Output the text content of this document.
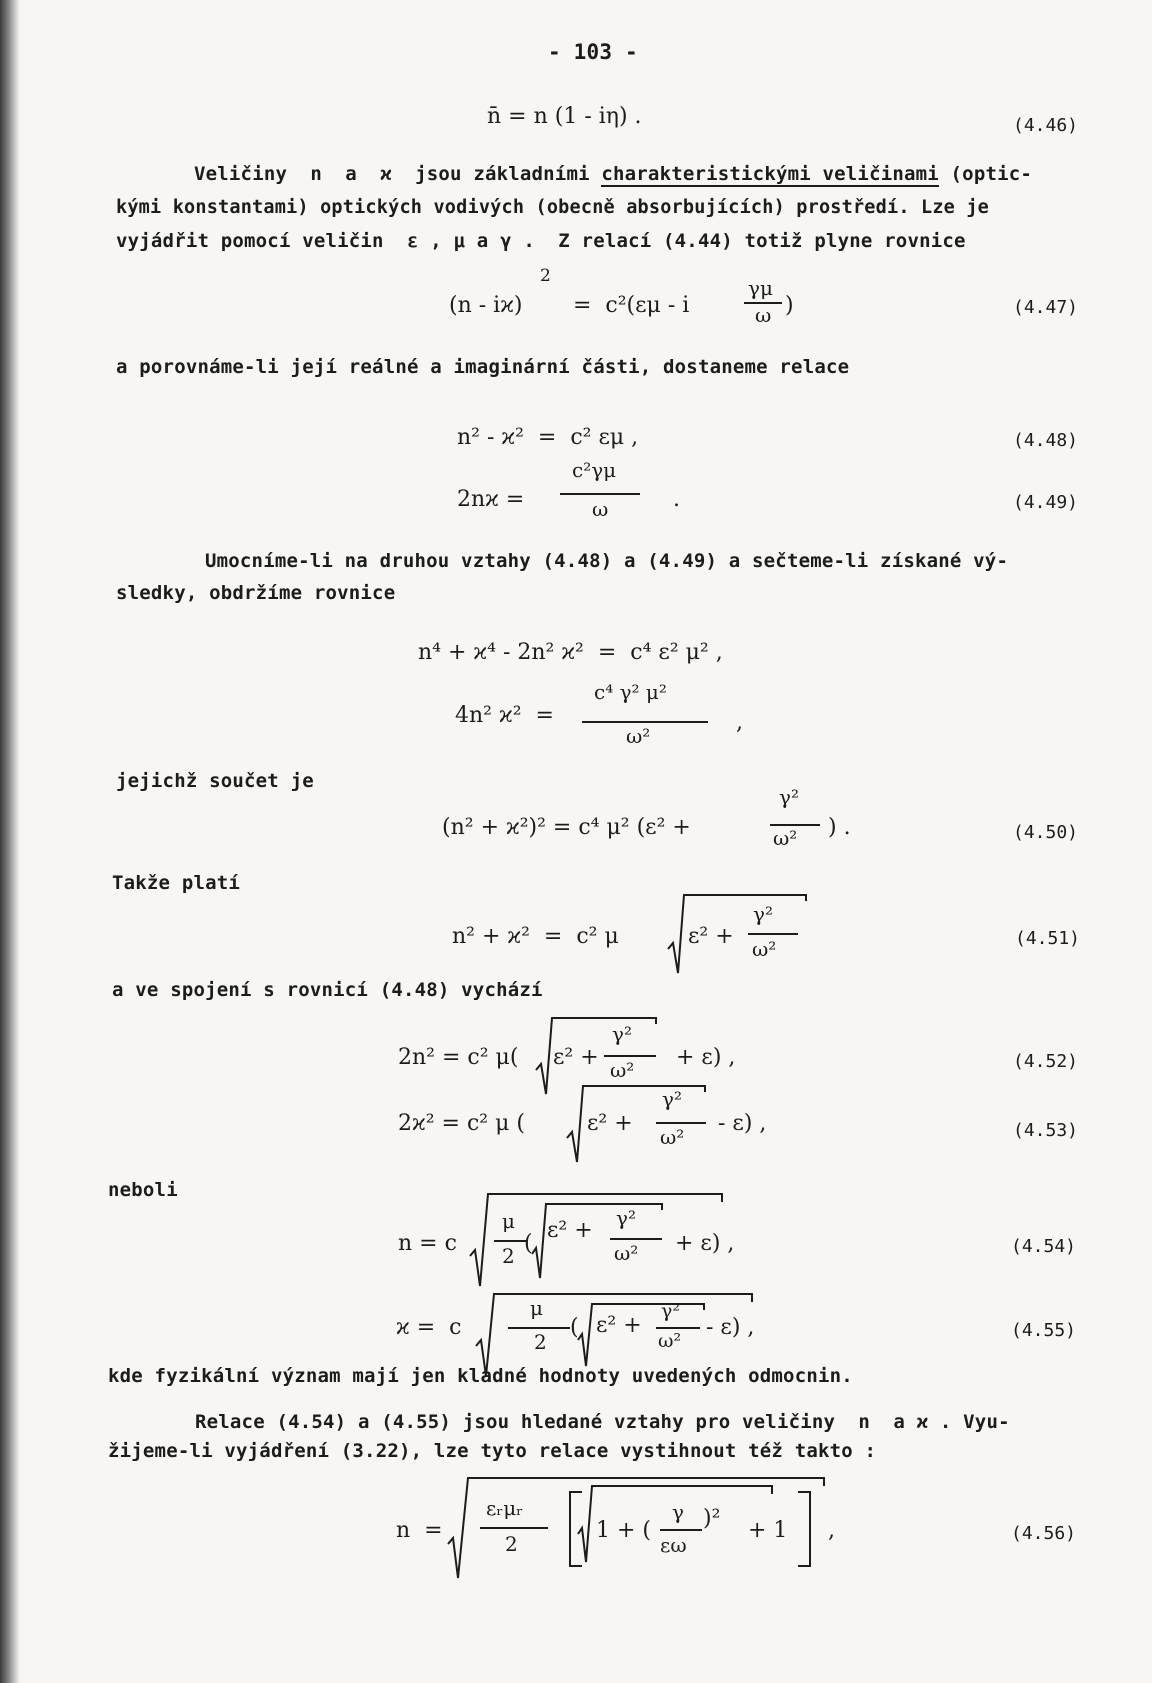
- 103 -
n̄ = n (1 - iη) .	(4.46)
Veličiny  n  a  ϰ  jsou základními charakteristickými veličinami (optic-
kými konstantami) optických vodivých (obecně absorbujících) prostředí. Lze je
vyjádřit pomocí veličin  ε , μ a γ .  Z relací (4.44) totiž plyne rovnice
(n - iϰ)
2
=  c²(εμ - i
γμ
ω )	(4.47)
a porovnáme-li její reálné a imaginární části, dostaneme relace
n² - ϰ²  =  c² εμ ,	(4.48)
2nϰ =
c²γμ
ω	.	(4.49)
Umocníme-li na druhou vztahy (4.48) a (4.49) a sečteme-li získané vý-
sledky, obdržíme rovnice
n⁴ + ϰ⁴ - 2n² ϰ²  =  c⁴ ε² μ² ,
4n² ϰ²  =
c⁴ γ² μ²
ω²
,
jejichž součet je
(n² + ϰ²)² = c⁴ μ² (ε² +
γ²
ω² ) .	(4.50)
Takže platí
n² + ϰ²  =  c² μ	ε² +
γ²
ω²	(4.51)
a ve spojení s rovnicí (4.48) vychází
2n² = c² μ( ε² +
γ²
ω² + ε) ,	(4.52)
2ϰ² = c² μ (	ε² +
γ²
ω²
- ε) ,	(4.53)
neboli
n = c
μ
2 (
ε² + γ²
ω² + ε) ,	(4.54)
ϰ =  c
μ
2
( ε² +
γ²
ω²
- ε) ,	(4.55)
kde fyzikální význam mají jen kladné hodnoty uvedených odmocnin.
Relace (4.54) a (4.55) jsou hledané vztahy pro veličiny  n  a ϰ . Vyu-
žijeme-li vyjádření (3.22), lze tyto relace vystihnout též takto :
n  =
εᵣμᵣ
2
1 + (
γ
εω
)² + 1 ,	(4.56)
